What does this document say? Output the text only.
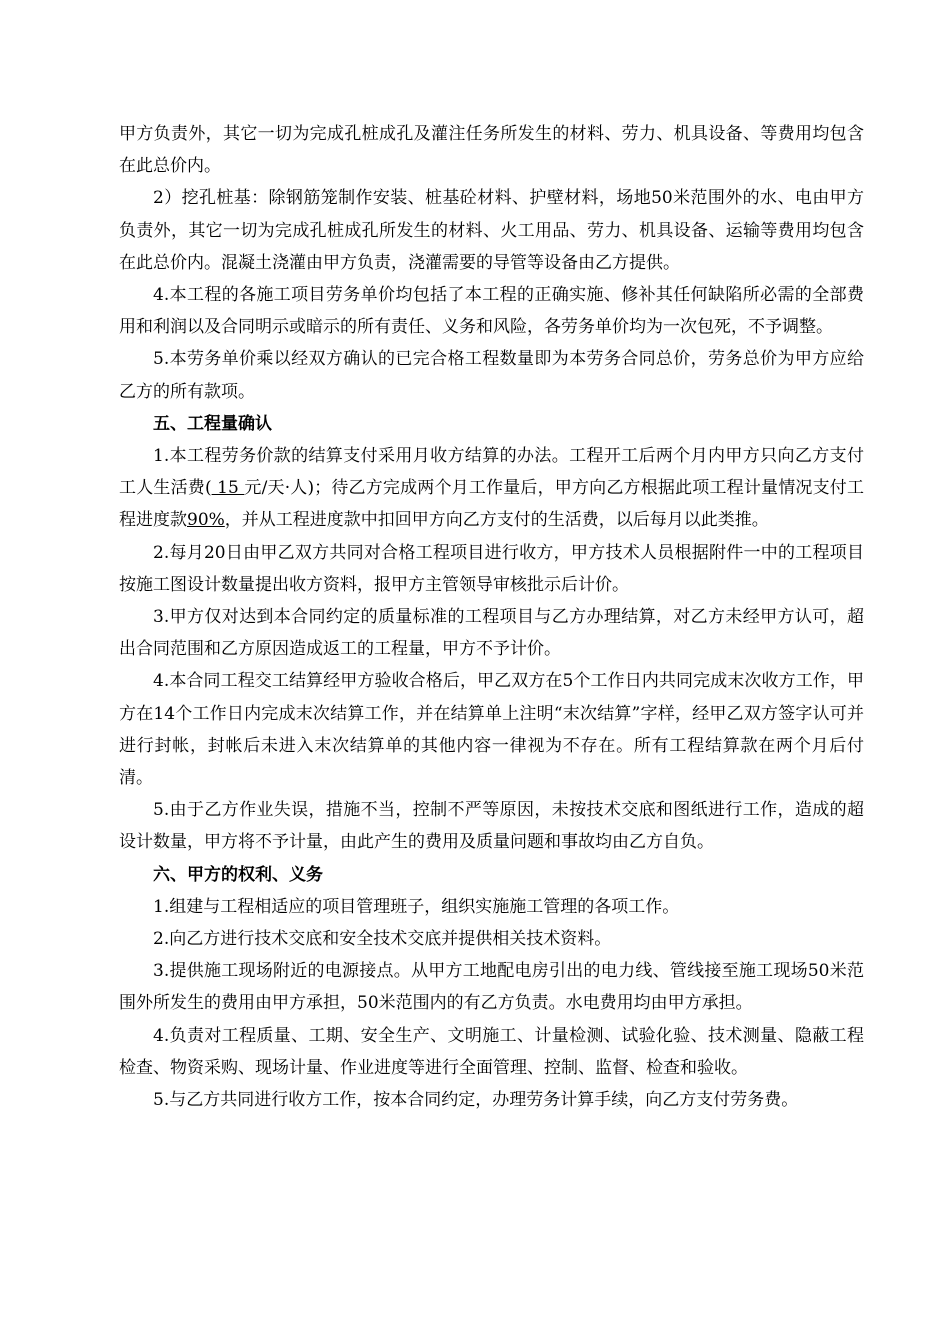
甲方负责外，其它一切为完成孔桩成孔及灌注任务所发生的材料、劳力、机具设备、等费用均包含在此总价内。

2）挖孔桩基：除钢筋笼制作安装、桩基砼材料、护壁材料，场地50米范围外的水、电由甲方负责外，其它一切为完成孔桩成孔所发生的材料、火工用品、劳力、机具设备、运输等费用均包含在此总价内。混凝土浇灌由甲方负责，浇灌需要的导管等设备由乙方提供。

4.本工程的各施工项目劳务单价均包括了本工程的正确实施、修补其任何缺陷所必需的全部费用和利润以及合同明示或暗示的所有责任、义务和风险，各劳务单价均为一次包死，不予调整。

5.本劳务单价乘以经双方确认的已完合格工程数量即为本劳务合同总价，劳务总价为甲方应给乙方的所有款项。

五、工程量确认

1.本工程劳务价款的结算支付采用月收方结算的办法。工程开工后两个月内甲方只向乙方支付工人生活费( 15 元/天·人)；待乙方完成两个月工作量后，甲方向乙方根据此项工程计量情况支付工程进度款90%，并从工程进度款中扣回甲方向乙方支付的生活费，以后每月以此类推。

2.每月20日由甲乙双方共同对合格工程项目进行收方，甲方技术人员根据附件一中的工程项目按施工图设计数量提出收方资料，报甲方主管领导审核批示后计价。

3.甲方仅对达到本合同约定的质量标准的工程项目与乙方办理结算，对乙方未经甲方认可，超出合同范围和乙方原因造成返工的工程量，甲方不予计价。

4.本合同工程交工结算经甲方验收合格后，甲乙双方在5个工作日内共同完成末次收方工作，甲方在14个工作日内完成末次结算工作，并在结算单上注明“末次结算”字样，经甲乙双方签字认可并进行封帐，封帐后未进入末次结算单的其他内容一律视为不存在。所有工程结算款在两个月后付清。

5.由于乙方作业失误，措施不当，控制不严等原因，未按技术交底和图纸进行工作，造成的超设计数量，甲方将不予计量，由此产生的费用及质量问题和事故均由乙方自负。

六、甲方的权利、义务

1.组建与工程相适应的项目管理班子，组织实施施工管理的各项工作。

2.向乙方进行技术交底和安全技术交底并提供相关技术资料。

3.提供施工现场附近的电源接点。从甲方工地配电房引出的电力线、管线接至施工现场50米范围外所发生的费用由甲方承担，50米范围内的有乙方负责。水电费用均由甲方承担。

4.负责对工程质量、工期、安全生产、文明施工、计量检测、试验化验、技术测量、隐蔽工程检查、物资采购、现场计量、作业进度等进行全面管理、控制、监督、检查和验收。

5.与乙方共同进行收方工作，按本合同约定，办理劳务计算手续，向乙方支付劳务费。
